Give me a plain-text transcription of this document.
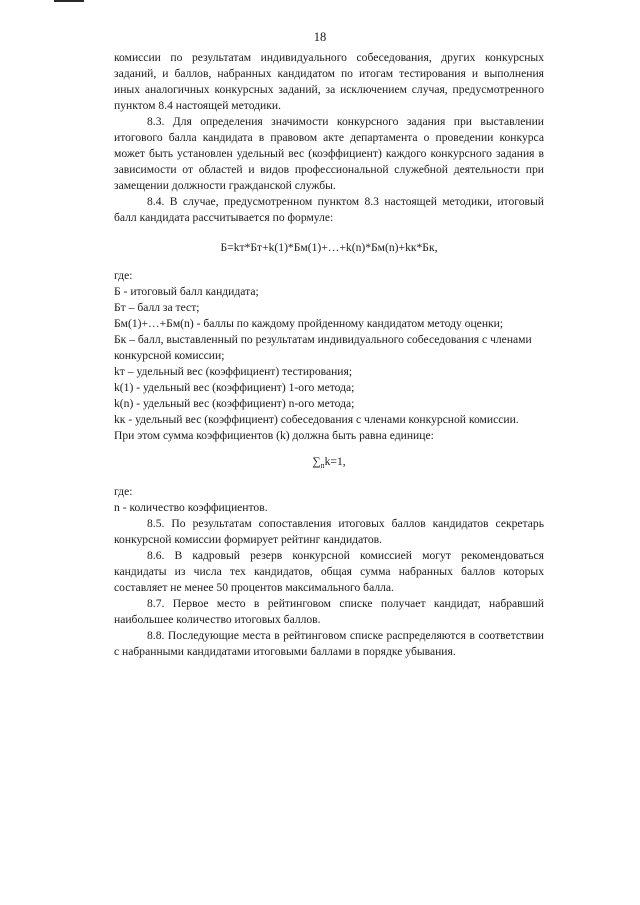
18

комиссии по результатам индивидуального собеседования, других конкурсных заданий, и баллов, набранных кандидатом по итогам тестирования и выполнения иных аналогичных конкурсных заданий, за исключением случая, предусмотренного пунктом 8.4 настоящей методики.

8.3. Для определения значимости конкурсного задания при выставлении итогового балла кандидата в правовом акте департамента о проведении конкурса может быть установлен удельный вес (коэффициент) каждого конкурсного задания в зависимости от областей и видов профессиональной служебной деятельности при замещении должности гражданской службы.

8.4. В случае, предусмотренном пунктом 8.3 настоящей методики, итоговый балл кандидата рассчитывается по формуле:

Б=kт*Бт+k(1)*Бм(1)+…+k(n)*Бм(n)+kк*Бк,

где:

Б - итоговый балл кандидата;

Бт – балл за тест;

Бм(1)+…+Бм(n) - баллы по каждому пройденному кандидатом методу оценки;

Бк – балл, выставленный по результатам индивидуального собеседования с членами конкурсной комиссии;

kт – удельный вес (коэффициент) тестирования;

k(1) - удельный вес (коэффициент) 1-ого метода;

k(n) - удельный вес (коэффициент) n-ого метода;

kк - удельный вес (коэффициент) собеседования с членами конкурсной комиссии.

При этом сумма коэффициентов (k) должна быть равна единице:

$\sum_nk=1$,

где:

n - количество коэффициентов.

8.5. По результатам сопоставления итоговых баллов кандидатов секретарь конкурсной комиссии формирует рейтинг кандидатов.

8.6. В кадровый резерв конкурсной комиссией могут рекомендоваться кандидаты из числа тех кандидатов, общая сумма набранных баллов которых составляет не менее 50 процентов максимального балла.

8.7. Первое место в рейтинговом списке получает кандидат, набравший наибольшее количество итоговых баллов.

8.8. Последующие места в рейтинговом списке распределяются в соответствии с набранными кандидатами итоговыми баллами в порядке убывания.
